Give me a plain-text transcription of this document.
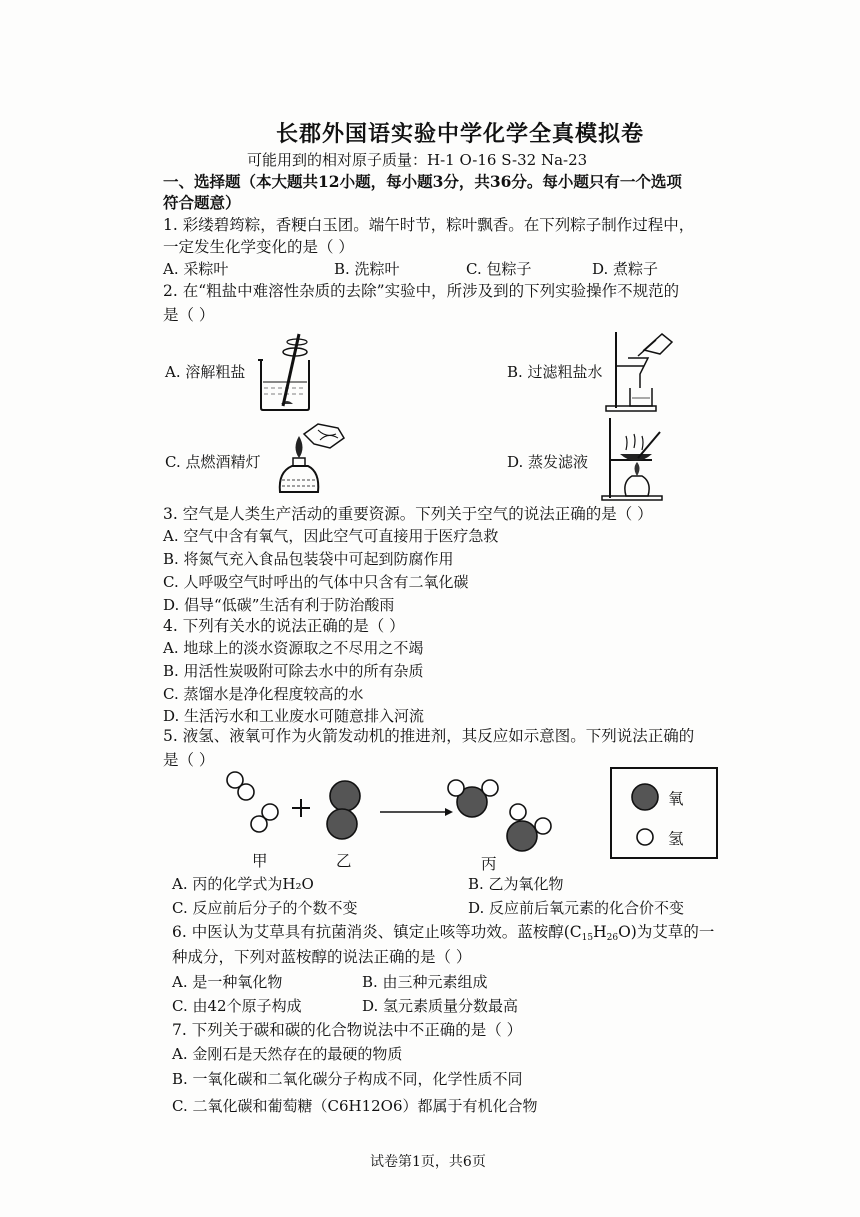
长郡外国语实验中学化学全真模拟卷
可能用到的相对原子质量：H-1 O-16 S-32 Na-23
一、选择题（本大题共12小题，每小题3分，共36分。每小题只有一个选项
符合题意）
1. 彩缕碧筠粽，香粳白玉团。端午时节，粽叶飘香。在下列粽子制作过程中，
一定发生化学变化的是（ ）
A. 采粽叶	B. 洗粽叶	C. 包粽子	D. 煮粽子
2. 在“粗盐中难溶性杂质的去除”实验中，所涉及到的下列实验操作不规范的
是（ ）
A. 溶解粗盐	B. 过滤粗盐水
C. 点燃酒精灯	D. 蒸发滤液
3. 空气是人类生产活动的重要资源。下列关于空气的说法正确的是（ ）
A. 空气中含有氧气，因此空气可直接用于医疗急救
B. 将氮气充入食品包装袋中可起到防腐作用
C. 人呼吸空气时呼出的气体中只含有二氧化碳
D. 倡导“低碳”生活有利于防治酸雨
4. 下列有关水的说法正确的是（ ）
A. 地球上的淡水资源取之不尽用之不竭
B. 用活性炭吸附可除去水中的所有杂质
C. 蒸馏水是净化程度较高的水
D. 生活污水和工业废水可随意排入河流
5. 液氢、液氧可作为火箭发动机的推进剂，其反应如示意图。下列说法正确的
是（ ）
氧
氢
甲	乙	丙
A. 丙的化学式为H₂O	B. 乙为氧化物
C. 反应前后分子的个数不变	D. 反应前后氧元素的化合价不变
6. 中医认为艾草具有抗菌消炎、镇定止咳等功效。蓝桉醇$(C_{15}H_{26}O)$为艾草的一
种成分，下列对蓝桉醇的说法正确的是（ ）
A. 是一种氧化物	B. 由三种元素组成
C. 由42个原子构成	D. 氢元素质量分数最高
7. 下列关于碳和碳的化合物说法中不正确的是（ ）
A. 金刚石是天然存在的最硬的物质
B. 一氧化碳和二氧化碳分子构成不同，化学性质不同
C. 二氧化碳和葡萄糖（C6H12O6）都属于有机化合物
试卷第1页，共6页
